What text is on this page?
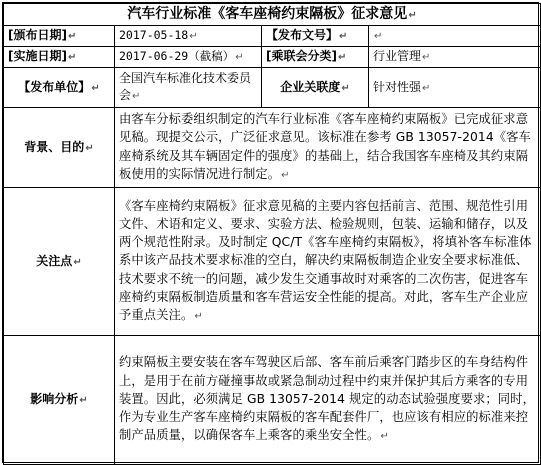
汽车行业标准《客车座椅约束隔板》征求意见↵			
[颁布日期]↵	2017-05-18↵	【发布文号】↵	↵
[实施日期]↵	2017-06-29（截稿）↵	[乘联会分类]↵	行业管理↵
【发布单位】↵	全国汽车标准化技术委员会↵	企业关联度↵	针对性强↵
背景、目的↵	由客车分标委组织制定的汽车行业标准《客车座椅约束隔板》已完成征求意见稿。现提交公示，广泛征求意见。该标准在参考 GB 13057-2014《客车座椅系统及其车辆固定件的强度》的基础上，结合我国客车座椅及其约束隔板使用的实际情况进行制定。↵		
关注点↵	《客车座椅约束隔板》征求意见稿的主要内容包括前言、范围、规范性引用文件、术语和定义、要求、实验方法、检验规则，包装、运输和储存，以及两个规范性附录。及时制定 QC/T《客车座椅约束隔板》，将填补客车标准体系中该产品技术要求标准的空白，解决约束隔板制造企业安全要求标准低、技术要求不统一的问题，减少发生交通事故时对乘客的二次伤害，促进客车座椅约束隔板制造质量和客车营运安全性能的提高。对此，客车生产企业应予重点关注。↵		
影响分析↵	约束隔板主要安装在客车驾驶区后部、客车前后乘客门踏步区的车身结构件上，是用于在前方碰撞事故或紧急制动过程中约束并保护其后方乘客的专用装置。因此，必须满足 GB 13057-2014 规定的动态试验强度要求；同时，作为专业生产客车座椅约束隔板的客车配套件厂，也应该有相应的标准来控制产品质量，以确保客车上乘客的乘坐安全性。↵		
